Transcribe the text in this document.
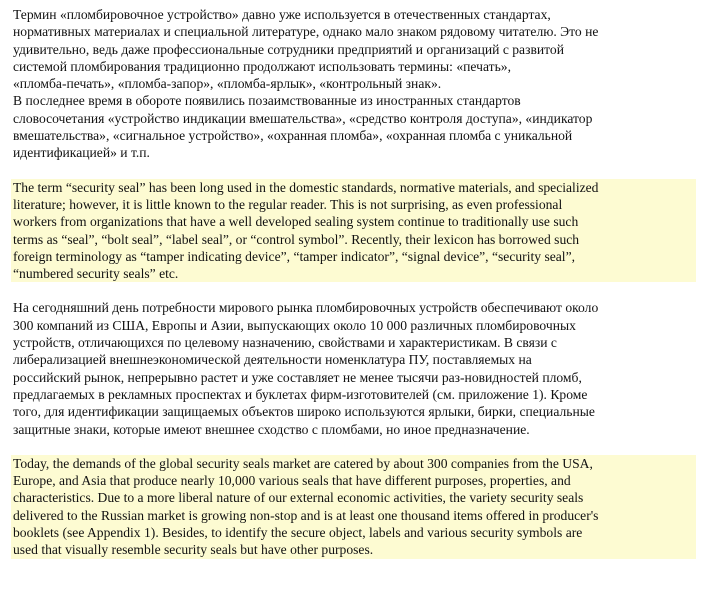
Термин «пломбировочное устройство» давно уже используется в отечественных стандартах,
нормативных материалах и специальной литературе, однако мало знаком рядовому читателю. Это не
удивительно, ведь даже профессиональные сотрудники предприятий и организаций с развитой
системой пломбирования традиционно продолжают использовать термины: «печать»,
«пломба-печать», «пломба-запор», «пломба-ярлык», «контрольный знак».
В последнее время в обороте появились позаимствованные из иностранных стандартов
словосочетания «устройство индикации вмешательства», «средство контроля доступа», «индикатор
вмешательства», «сигнальное устройство», «охранная пломба», «охранная пломба с уникальной
идентификацией» и т.п.
The term “security seal” has been long used in the domestic standards, normative materials, and specialized
literature; however, it is little known to the regular reader. This is not surprising, as even professional
workers from organizations that have a well developed sealing system continue to traditionally use such
terms as “seal”, “bolt seal”, “label seal”, or “control symbol”. Recently, their lexicon has borrowed such
foreign terminology as “tamper indicating device”, “tamper indicator”, “signal device”, “security seal”,
“numbered security seals” etc.
На сегодняшний день потребности мирового рынка пломбировочных устройств обеспечивают около
300 компаний из США, Европы и Азии, выпускающих около 10 000 различных пломбировочных
устройств, отличающихся по целевому назначению, свойствами и характеристикам. В связи с
либерализацией внешнеэкономической деятельности номенклатура ПУ, поставляемых на
российский рынок, непрерывно растет и уже составляет не менее тысячи раз-новидностей пломб,
предлагаемых в рекламных проспектах и буклетах фирм-изготовителей (см. приложение 1). Кроме
того, для идентификации защищаемых объектов широко используются ярлыки, бирки, специальные
защитные знаки, которые имеют внешнее сходство с пломбами, но иное предназначение.
Today, the demands of the global security seals market are catered by about 300 companies from the USA,
Europe, and Asia that produce nearly 10,000 various seals that have different purposes, properties, and
characteristics. Due to a more liberal nature of our external economic activities, the variety security seals
delivered to the Russian market is growing non-stop and is at least one thousand items offered in producer's
booklets (see Appendix 1). Besides, to identify the secure object, labels and various security symbols are
used that visually resemble security seals but have other purposes.
